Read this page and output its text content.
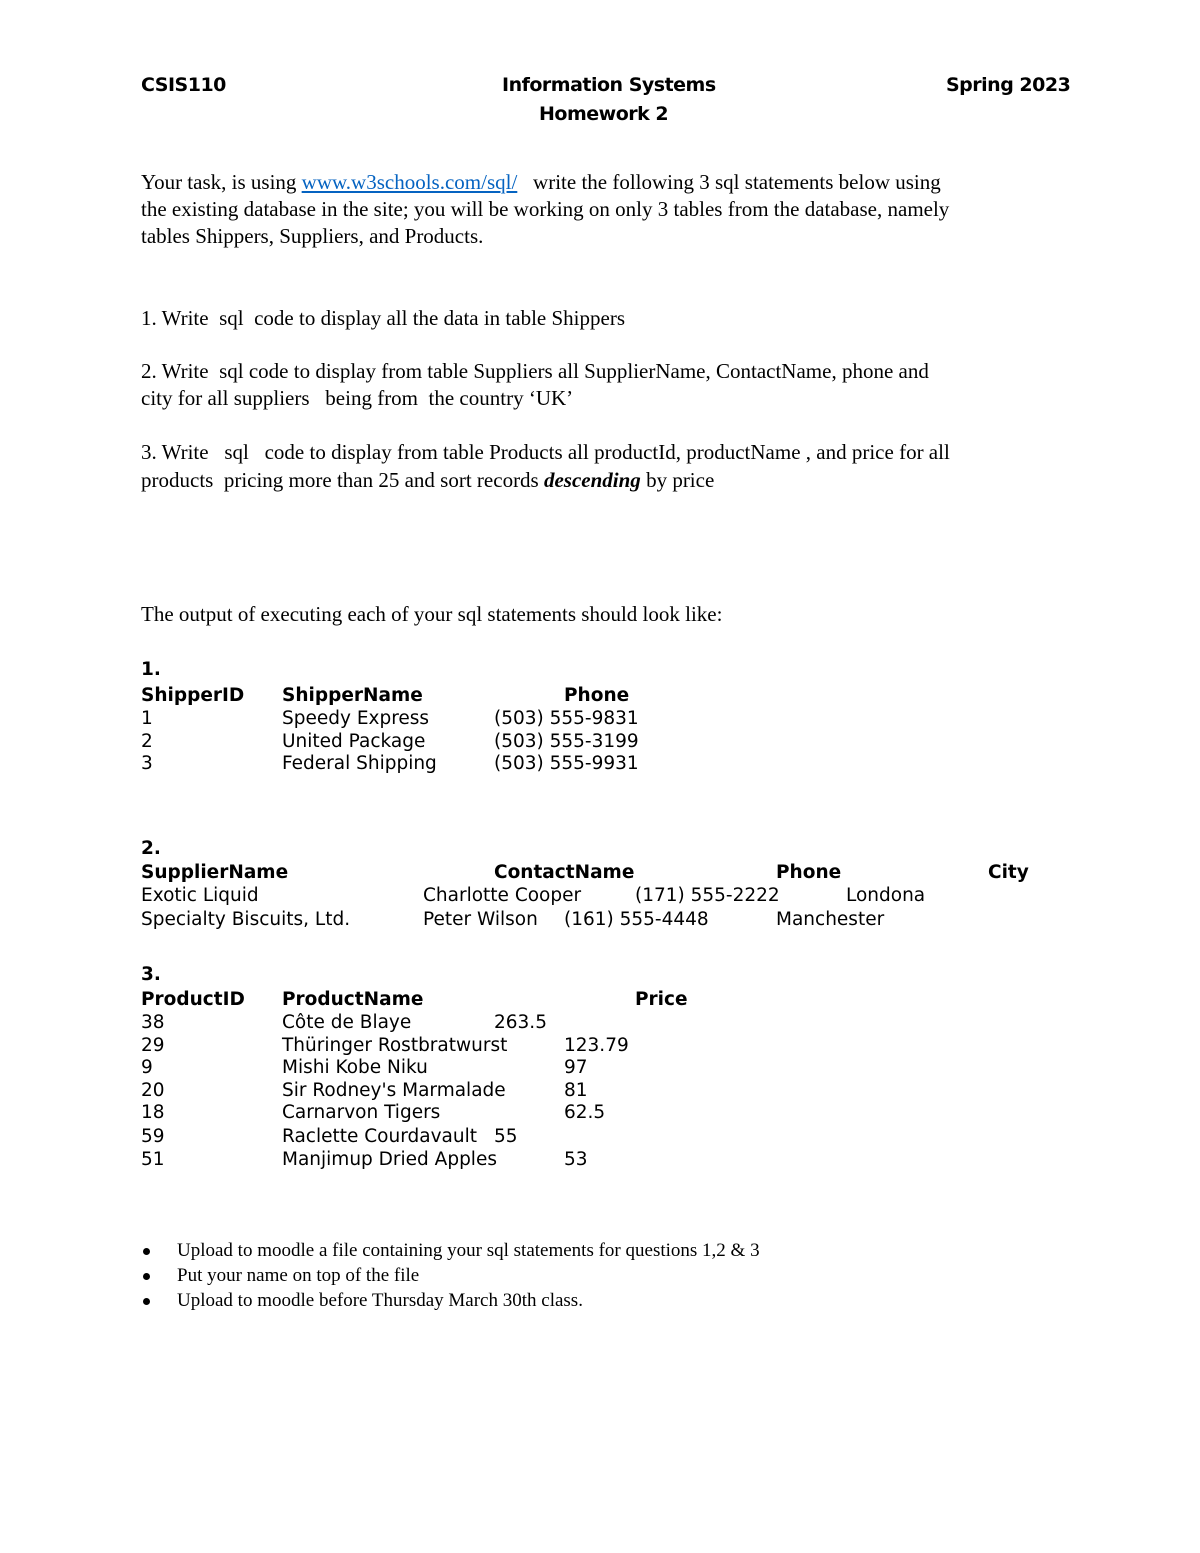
CSIS110	Information Systems	Spring 2023
Homework 2
Your task, is using www.w3schools.com/sql/   write the following 3 sql statements below using
the existing database in the site; you will be working on only 3 tables from the database, namely
tables Shippers, Suppliers, and Products.
1. Write  sql  code to display all the data in table Shippers
2. Write  sql code to display from table Suppliers all SupplierName, ContactName, phone and
city for all suppliers   being from  the country ‘UK’
3. Write   sql   code to display from table Products all productId, productName , and price for all
products  pricing more than 25 and sort records descending by price
The output of executing each of your sql statements should look like:
1.
ShipperID ShipperName	Phone
1	Speedy Express	(503) 555-9831
2	United Package	(503) 555-3199
3	Federal Shipping	(503) 555-9931
2.
SupplierName	ContactName	Phone	City
Exotic Liquid	Charlotte Cooper	(171) 555-2222	Londona
Specialty Biscuits, Ltd.	Peter Wilson (161) 555-4448	Manchester
3.
ProductID ProductName	Price
38	Côte de Blaye	263.5
29	Thüringer Rostbratwurst	123.79
9	Mishi Kobe Niku	97
20	Sir Rodney's Marmalade	81
18	Carnarvon Tigers	62.5
59	Raclette Courdavault 55
51	Manjimup Dried Apples	53
Upload to moodle a file containing your sql statements for questions 1,2 & 3
Put your name on top of the file
Upload to moodle before Thursday March 30th class.
